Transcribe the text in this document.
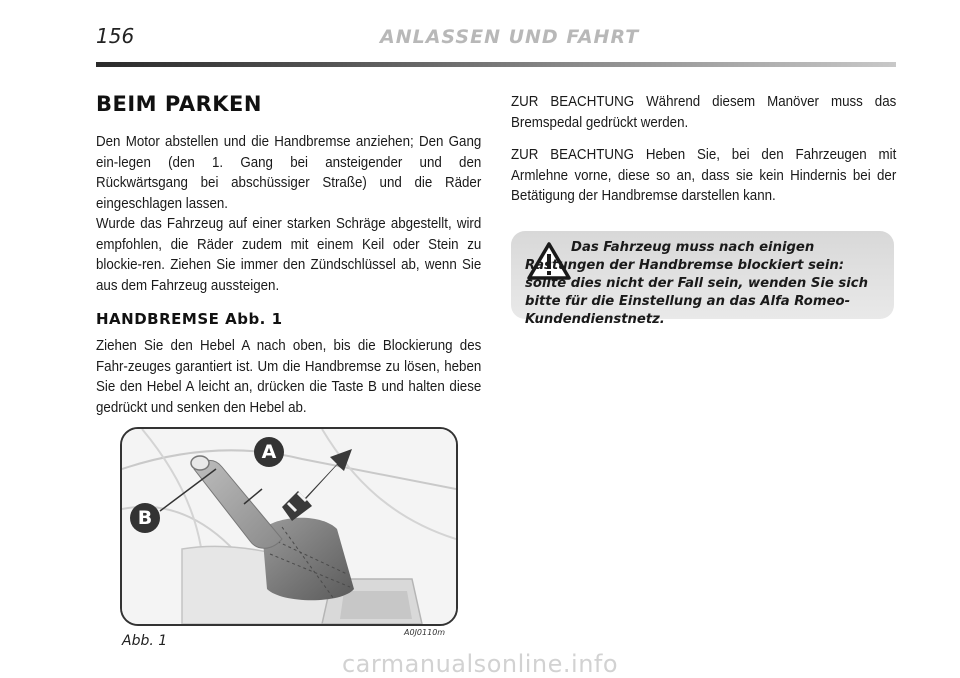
156	ANLASSEN UND FAHRT
BEIM PARKEN

Den Motor abstellen und die Handbremse anziehen; Den Gang ein-legen (den 1. Gang bei ansteigender und den Rückwärtsgang bei abschüssiger Straße) und die Räder eingeschlagen lassen.

Wurde das Fahrzeug auf einer starken Schräge abgestellt, wird empfohlen, die Räder zudem mit einem Keil oder Stein zu blockie-ren. Ziehen Sie immer den Zündschlüssel ab, wenn Sie aus dem Fahrzeug aussteigen.

HANDBREMSE Abb. 1

Ziehen Sie den Hebel A nach oben, bis die Blockierung des Fahr-zeuges garantiert ist. Um die Handbremse zu lösen, heben Sie den Hebel A leicht an, drücken die Taste B und halten diese gedrückt und senken den Hebel ab.

ZUR BEACHTUNG Während diesem Manöver muss das Bremspedal gedrückt werden.

ZUR BEACHTUNG Heben Sie, bei den Fahrzeugen mit Armlehne vorne, diese so an, dass sie kein Hindernis bei der Betätigung der Handbremse darstellen kann.

Das Fahrzeug muss nach einigen Rastungen der Handbremse blockiert sein: sollte dies nicht der Fall sein, wenden Sie sich bitte für die Einstellung an das Alfa Romeo-Kundendienstnetz.
A
B
Abb. 1
A0J0110m
carmanualsonline.info
